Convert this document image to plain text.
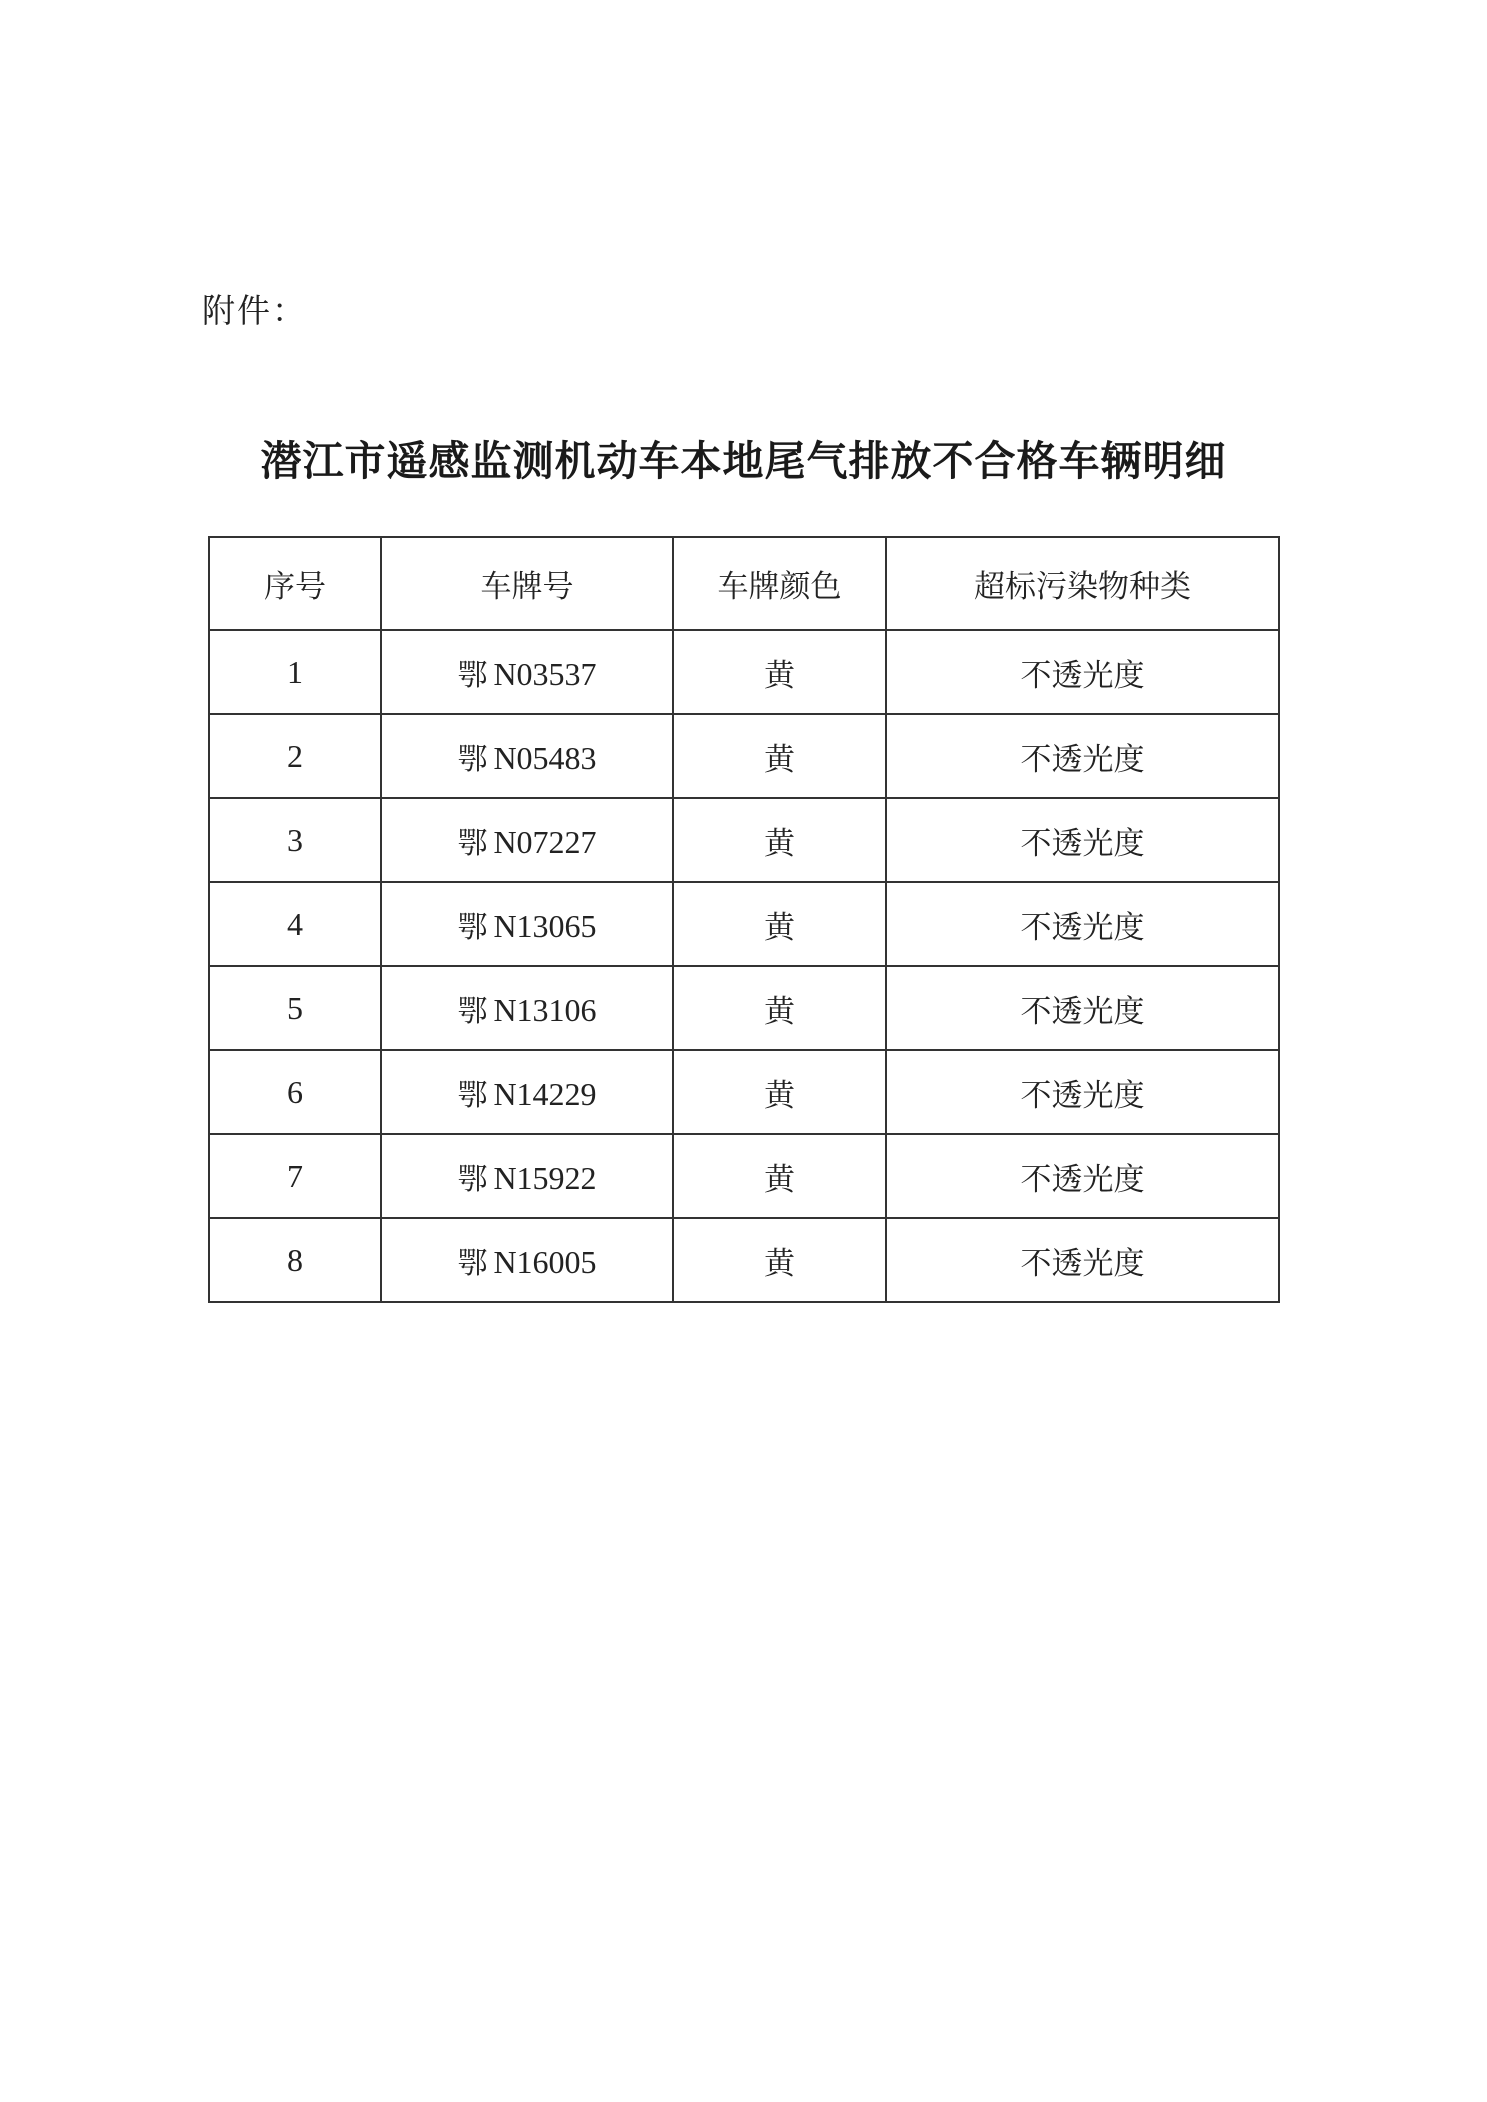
附件：
潜江市遥感监测机动车本地尾气排放不合格车辆明细
序号	车牌号	车牌颜色	超标污染物种类
1	鄂 N03537	黄	不透光度
2	鄂 N05483	黄	不透光度
3	鄂 N07227	黄	不透光度
4	鄂 N13065	黄	不透光度
5	鄂 N13106	黄	不透光度
6	鄂 N14229	黄	不透光度
7	鄂 N15922	黄	不透光度
8	鄂 N16005	黄	不透光度
